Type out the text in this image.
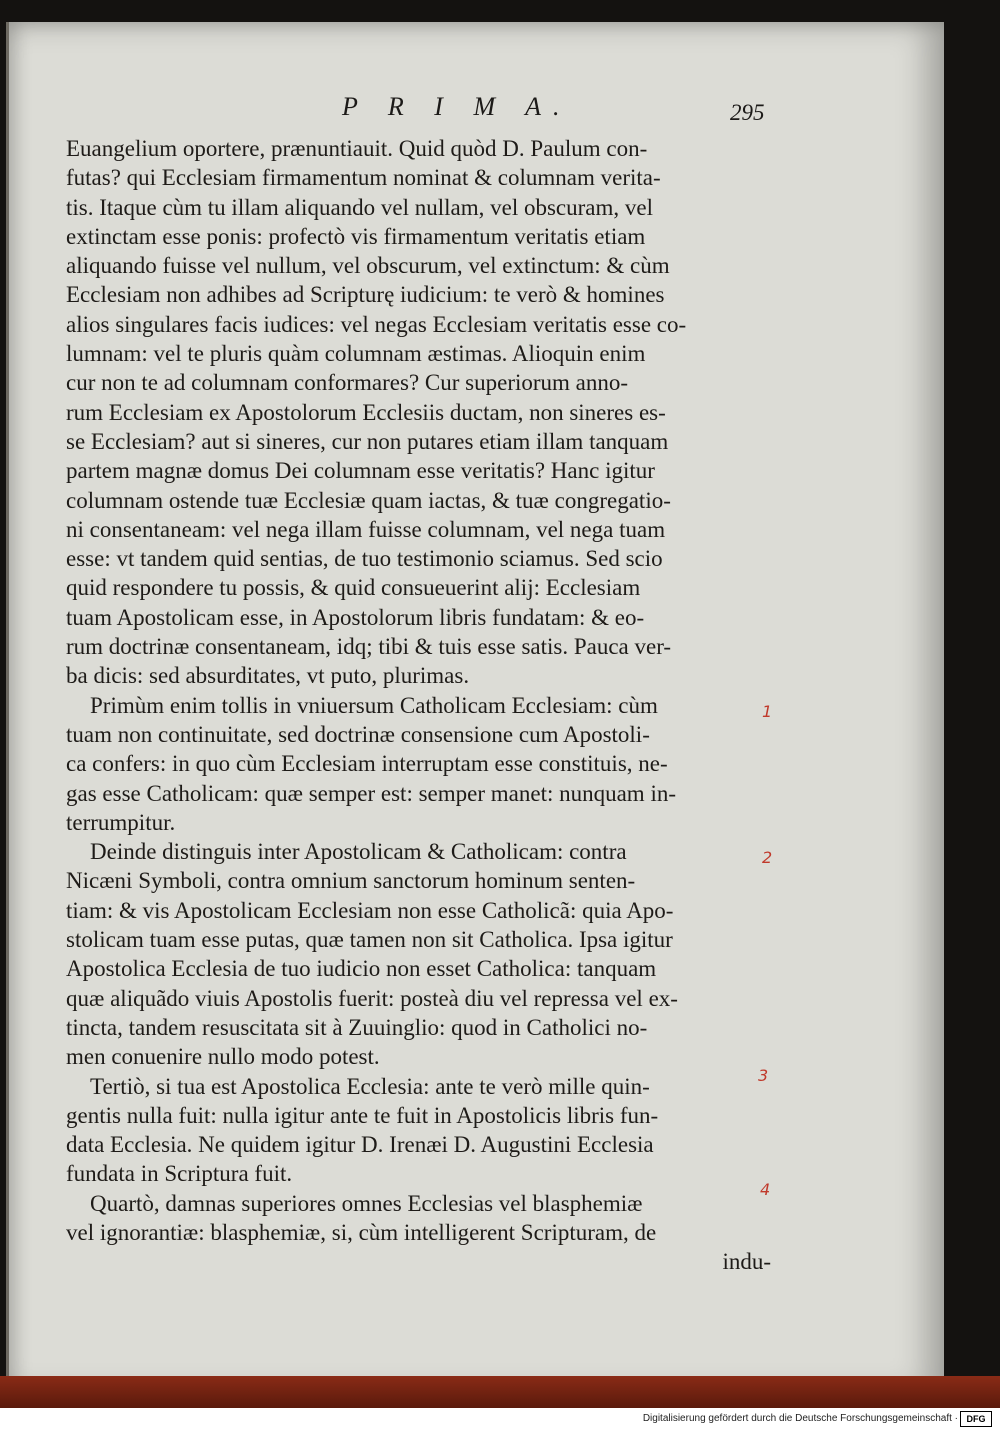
P R I M A.	295
Euangelium oportere, prænuntiauit. Quid quòd D. Paulum con-
futas? qui Ecclesiam firmamentum nominat & columnam verita-
tis. Itaque cùm tu illam aliquando vel nullam, vel obscuram, vel
extinctam esse ponis: profectò vis firmamentum veritatis etiam
aliquando fuisse vel nullum, vel obscurum, vel extinctum: & cùm
Ecclesiam non adhibes ad Scripturę iudicium: te verò & homines
alios singulares facis iudices: vel negas Ecclesiam veritatis esse co-
lumnam: vel te pluris quàm columnam æstimas. Alioquin enim
cur non te ad columnam conformares? Cur superiorum anno-
rum Ecclesiam ex Apostolorum Ecclesiis ductam, non sineres es-
se Ecclesiam? aut si sineres, cur non putares etiam illam tanquam
partem magnæ domus Dei columnam esse veritatis? Hanc igitur
columnam ostende tuæ Ecclesiæ quam iactas, & tuæ congregatio-
ni consentaneam: vel nega illam fuisse columnam, vel nega tuam
esse: vt tandem quid sentias, de tuo testimonio sciamus. Sed scio
quid respondere tu possis, & quid consueuerint alij: Ecclesiam
tuam Apostolicam esse, in Apostolorum libris fundatam: & eo-
rum doctrinæ consentaneam, idq; tibi & tuis esse satis. Pauca ver-
ba dicis: sed absurditates, vt puto, plurimas.
Primùm enim tollis in vniuersum Catholicam Ecclesiam: cùm
tuam non continuitate, sed doctrinæ consensione cum Apostoli-
ca confers: in quo cùm Ecclesiam interruptam esse constituis, ne-
gas esse Catholicam: quæ semper est: semper manet: nunquam in-
terrumpitur.
Deinde distinguis inter Apostolicam & Catholicam: contra
Nicæni Symboli, contra omnium sanctorum hominum senten-
tiam: & vis Apostolicam Ecclesiam non esse Catholicã: quia Apo-
stolicam tuam esse putas, quæ tamen non sit Catholica. Ipsa igitur
Apostolica Ecclesia de tuo iudicio non esset Catholica: tanquam
quæ aliquãdo viuis Apostolis fuerit: posteà diu vel repressa vel ex-
tincta, tandem resuscitata sit à Zuuinglio: quod in Catholici no-
men conuenire nullo modo potest.
Tertiò, si tua est Apostolica Ecclesia: ante te verò mille quin-
gentis nulla fuit: nulla igitur ante te fuit in Apostolicis libris fun-
data Ecclesia. Ne quidem igitur D. Irenæi D. Augustini Ecclesia
fundata in Scriptura fuit.
Quartò, damnas superiores omnes Ecclesias vel blasphemiæ
vel ignorantiæ: blasphemiæ, si, cùm intelligerent Scripturam, de
indu-
1
2
3
4
Digitalisierung gefördert durch die Deutsche Forschungsgemeinschaft · DFG
